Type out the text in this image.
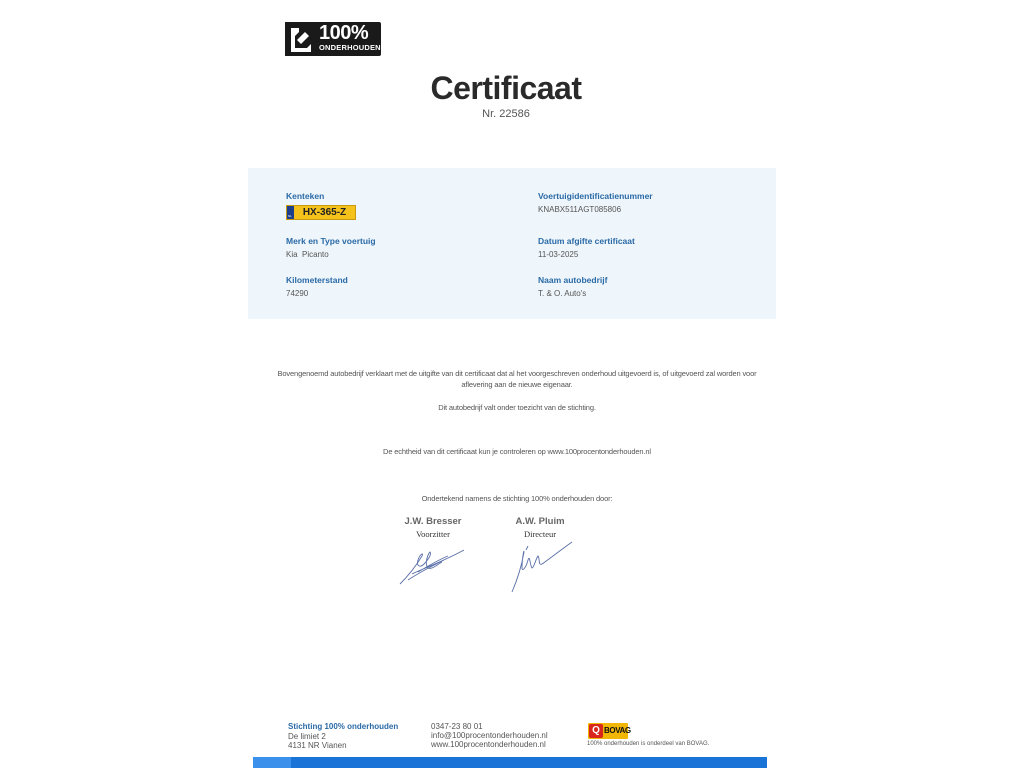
100%
ONDERHOUDEN
Certificaat
Nr. 22586
Kenteken
NL	HX-365-Z
Merk en Type voertuig
Kia  Picanto
Kilometerstand
74290
Voertuigidentificatienummer
KNABX511AGT085806
Datum afgifte certificaat
11-03-2025
Naam autobedrijf
T. & O. Auto's
Bovengenoemd autobedrijf verklaart met de uitgifte van dit certificaat dat al het voorgeschreven onderhoud uitgevoerd is, of uitgevoerd zal worden voor
aflevering aan de nieuwe eigenaar.
Dit autobedrijf valt onder toezicht van de stichting.
De echtheid van dit certificaat kun je controleren op www.100procentonderhouden.nl
Ondertekend namens de stichting 100% onderhouden door:
J.W. Bresser
Voorzitter
A.W. Pluim
Directeur
Stichting 100% onderhouden
De limiet 2
4131 NR Vianen
0347-23 80 01
info@100procentonderhouden.nl
www.100procentonderhouden.nl
Q BOVAG
100% onderhouden is onderdeel van BOVAG.
